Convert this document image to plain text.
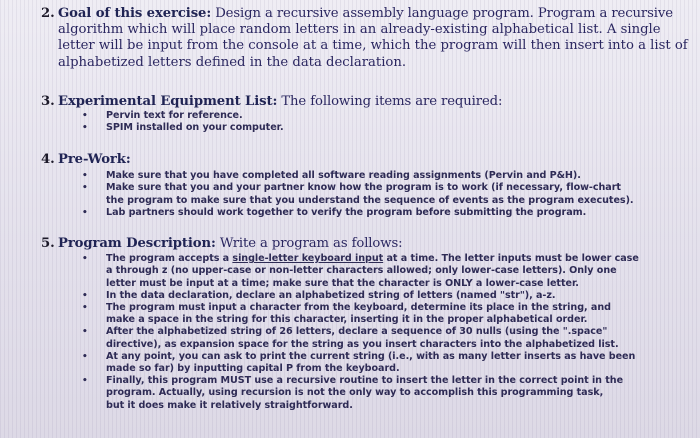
2. Goal of this exercise: Design a recursive assembly language program. Program a recursive
algorithm which will place random letters in an already-existing alphabetical list. A single
letter will be input from the console at a time, which the program will then insert into a list of
alphabetized letters defined in the data declaration.
3. Experimental Equipment List: The following items are required:
• Pervin text for reference.
• SPIM installed on your computer.
4. Pre-Work:
• Make sure that you have completed all software reading assignments (Pervin and P&H).
• Make sure that you and your partner know how the program is to work (if necessary, flow-chart
the program to make sure that you understand the sequence of events as the program executes).
• Lab partners should work together to verify the program before submitting the program.
5. Program Description: Write a program as follows:
• The program accepts a single-letter keyboard input at a time. The letter inputs must be lower case
a through z (no upper-case or non-letter characters allowed; only lower-case letters). Only one
letter must be input at a time; make sure that the character is ONLY a lower-case letter.
• In the data declaration, declare an alphabetized string of letters (named "str"), a-z.
• The program must input a character from the keyboard, determine its place in the string, and
make a space in the string for this character, inserting it in the proper alphabetical order.
• After the alphabetized string of 26 letters, declare a sequence of 30 nulls (using the ".space"
directive), as expansion space for the string as you insert characters into the alphabetized list.
• At any point, you can ask to print the current string (i.e., with as many letter inserts as have been
made so far) by inputting capital P from the keyboard.
• Finally, this program MUST use a recursive routine to insert the letter in the correct point in the
program. Actually, using recursion is not the only way to accomplish this programming task,
but it does make it relatively straightforward.
